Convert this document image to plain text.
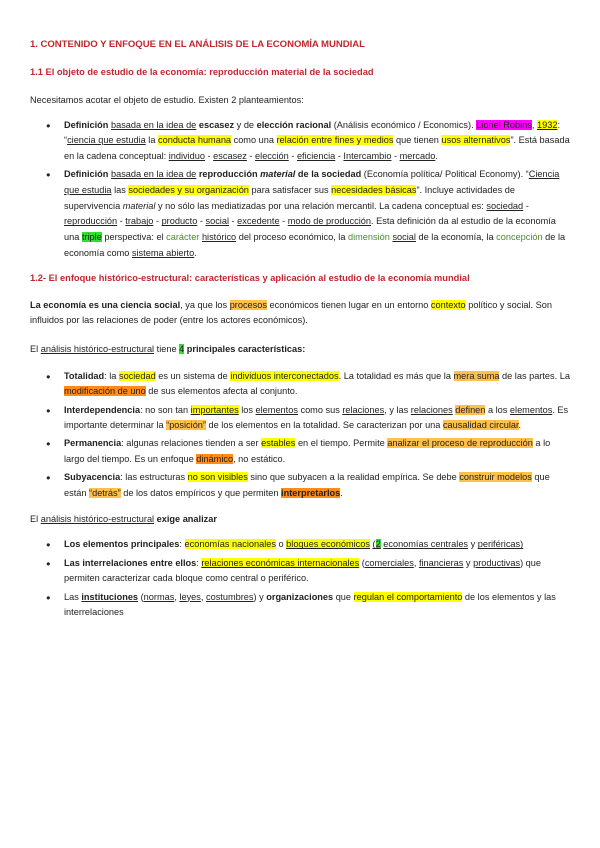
1. CONTENIDO Y ENFOQUE EN EL ANÁLISIS DE LA ECONOMÍA MUNDIAL
1.1 El objeto de estudio de la economía: reproducción material de la sociedad

Necesitamos acotar el objeto de estudio. Existen 2 planteamientos:

● Definición basada en la idea de escasez y de elección racional (Análisis económico / Economics). Lionel Robins, 1932: “ciencia que estudia la conducta humana como una relación entre fines y medios que tienen usos alternativos”. Está basada en la cadena conceptual: individuo - escasez - elección - eficiencia - Intercambio - mercado.
● Definición basada en la idea de reproducción material de la sociedad (Economía política/ Political Economy). “Ciencia que estudia las sociedades y su organización para satisfacer sus necesidades básicas”. Incluye actividades de supervivencia material y no sólo las mediatizadas por una relación mercantil. La cadena conceptual es: sociedad - reproducción - trabajo - producto - social - excedente - modo de producción. Esta definición da al estudio de la economía una triple perspectiva: el carácter histórico del proceso económico, la dimensión social de la economía, la concepción de la economía como sistema abierto.
1.2- El enfoque histórico-estructural: características y aplicación al estudio de la economía mundial

La economía es una ciencia social, ya que los procesos económicos tienen lugar en un entorno contexto político y social. Son influidos por las relaciones de poder (entre los actores económicos).

El análisis histórico-estructural tiene 4 principales características:

● Totalidad: la sociedad es un sistema de individuos interconectados. La totalidad es más que la mera suma de las partes. La modificación de uno de sus elementos afecta al conjunto.
● Interdependencia: no son tan importantes los elementos como sus relaciones, y las relaciones definen a los elementos. Es importante determinar la “posición” de los elementos en la totalidad. Se caracterizan por una causalidad circular.
● Permanencia: algunas relaciones tienden a ser estables en el tiempo. Permite analizar el proceso de reproducción a lo largo del tiempo. Es un enfoque dinámico, no estático.
● Subyacencia: las estructuras no son visibles sino que subyacen a la realidad empírica. Se debe construir modelos que están “detrás” de los datos empíricos y que permiten interpretarlos.

El análisis histórico-estructural exige analizar

● Los elementos principales: economías nacionales o bloques económicos (2 economías centrales y periféricas)
● Las interrelaciones entre ellos: relaciones económicas internacionales (comerciales, financieras y productivas) que permiten caracterizar cada bloque como central o periférico.
● Las instituciones (normas, leyes, costumbres) y organizaciones que regulan el comportamiento de los elementos y las interrelaciones
